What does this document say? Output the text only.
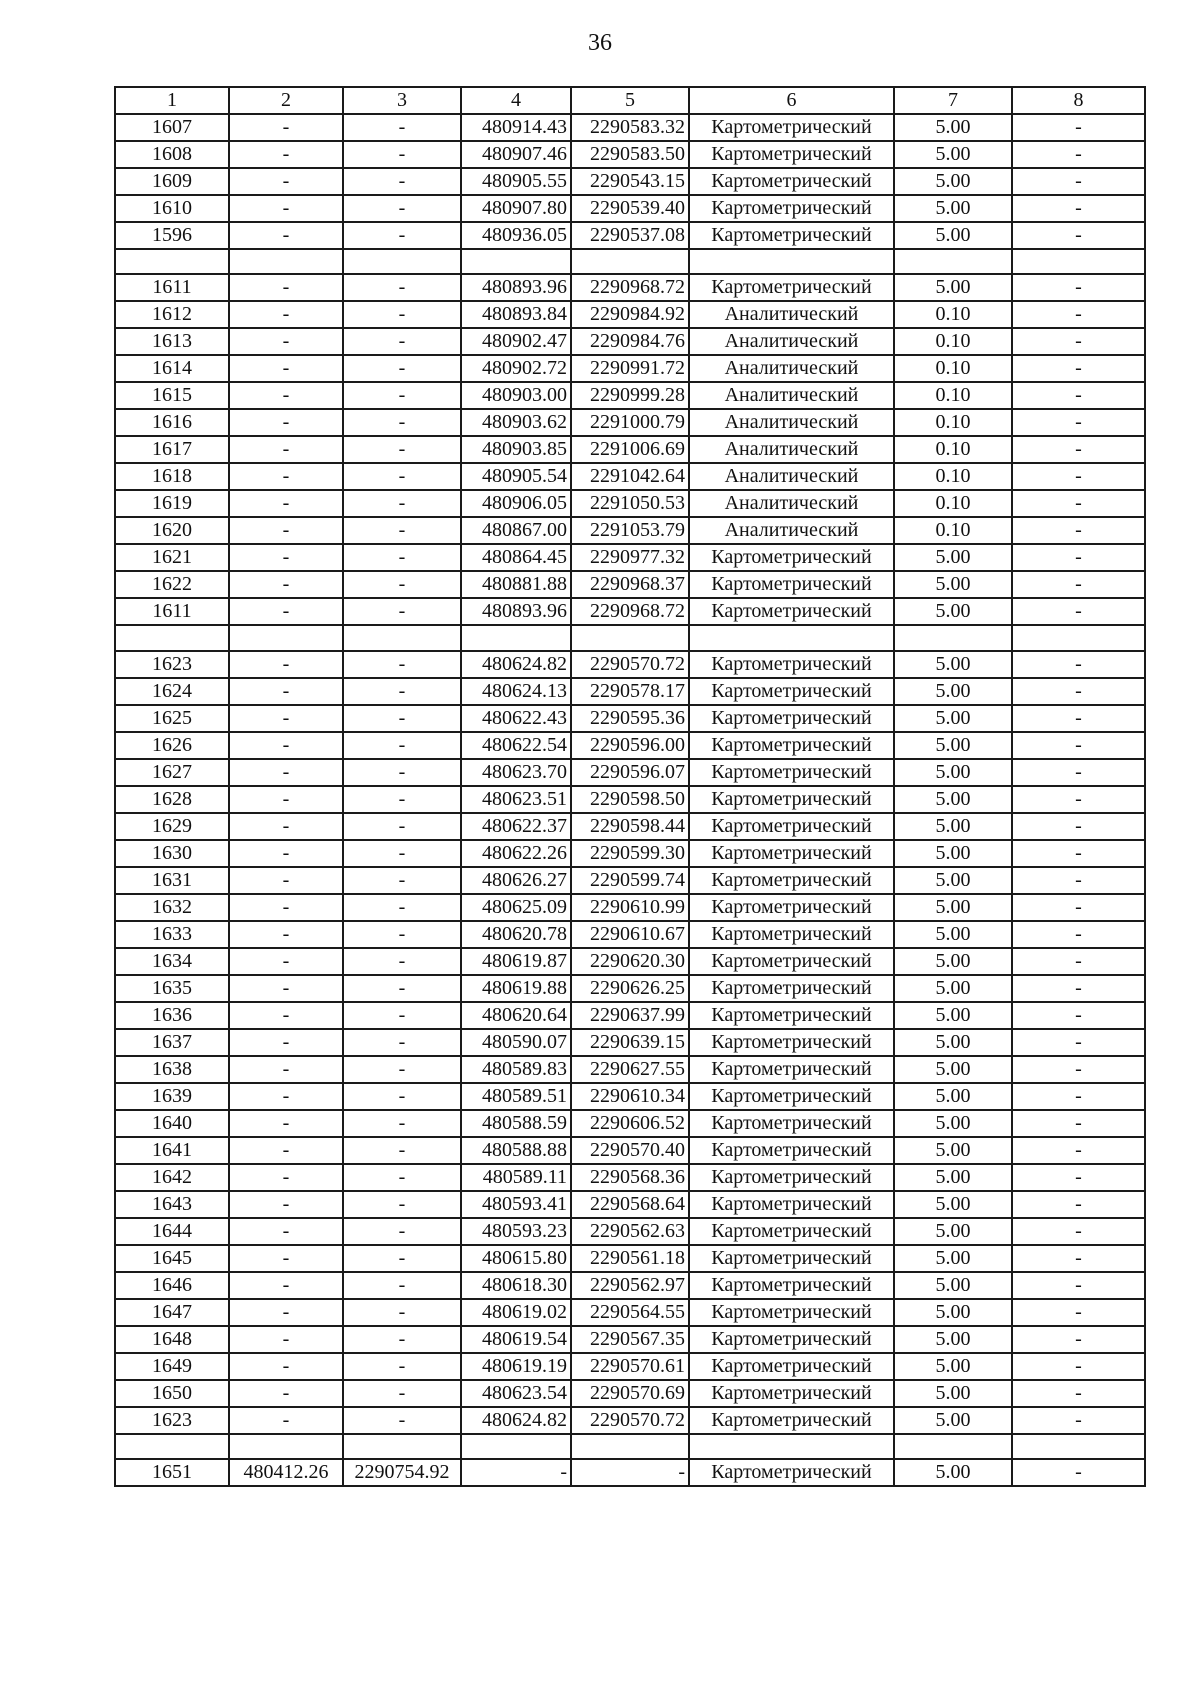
36
1	2	3	4	5	6	7	8
1607	-	-	480914.43	2290583.32	Картометрический	5.00	-
1608	-	-	480907.46	2290583.50	Картометрический	5.00	-
1609	-	-	480905.55	2290543.15	Картометрический	5.00	-
1610	-	-	480907.80	2290539.40	Картометрический	5.00	-
1596	-	-	480936.05	2290537.08	Картометрический	5.00	-

1611	-	-	480893.96	2290968.72	Картометрический	5.00	-
1612	-	-	480893.84	2290984.92	Аналитический	0.10	-
1613	-	-	480902.47	2290984.76	Аналитический	0.10	-
1614	-	-	480902.72	2290991.72	Аналитический	0.10	-
1615	-	-	480903.00	2290999.28	Аналитический	0.10	-
1616	-	-	480903.62	2291000.79	Аналитический	0.10	-
1617	-	-	480903.85	2291006.69	Аналитический	0.10	-
1618	-	-	480905.54	2291042.64	Аналитический	0.10	-
1619	-	-	480906.05	2291050.53	Аналитический	0.10	-
1620	-	-	480867.00	2291053.79	Аналитический	0.10	-
1621	-	-	480864.45	2290977.32	Картометрический	5.00	-
1622	-	-	480881.88	2290968.37	Картометрический	5.00	-
1611	-	-	480893.96	2290968.72	Картометрический	5.00	-

1623	-	-	480624.82	2290570.72	Картометрический	5.00	-
1624	-	-	480624.13	2290578.17	Картометрический	5.00	-
1625	-	-	480622.43	2290595.36	Картометрический	5.00	-
1626	-	-	480622.54	2290596.00	Картометрический	5.00	-
1627	-	-	480623.70	2290596.07	Картометрический	5.00	-
1628	-	-	480623.51	2290598.50	Картометрический	5.00	-
1629	-	-	480622.37	2290598.44	Картометрический	5.00	-
1630	-	-	480622.26	2290599.30	Картометрический	5.00	-
1631	-	-	480626.27	2290599.74	Картометрический	5.00	-
1632	-	-	480625.09	2290610.99	Картометрический	5.00	-
1633	-	-	480620.78	2290610.67	Картометрический	5.00	-
1634	-	-	480619.87	2290620.30	Картометрический	5.00	-
1635	-	-	480619.88	2290626.25	Картометрический	5.00	-
1636	-	-	480620.64	2290637.99	Картометрический	5.00	-
1637	-	-	480590.07	2290639.15	Картометрический	5.00	-
1638	-	-	480589.83	2290627.55	Картометрический	5.00	-
1639	-	-	480589.51	2290610.34	Картометрический	5.00	-
1640	-	-	480588.59	2290606.52	Картометрический	5.00	-
1641	-	-	480588.88	2290570.40	Картометрический	5.00	-
1642	-	-	480589.11	2290568.36	Картометрический	5.00	-
1643	-	-	480593.41	2290568.64	Картометрический	5.00	-
1644	-	-	480593.23	2290562.63	Картометрический	5.00	-
1645	-	-	480615.80	2290561.18	Картометрический	5.00	-
1646	-	-	480618.30	2290562.97	Картометрический	5.00	-
1647	-	-	480619.02	2290564.55	Картометрический	5.00	-
1648	-	-	480619.54	2290567.35	Картометрический	5.00	-
1649	-	-	480619.19	2290570.61	Картометрический	5.00	-
1650	-	-	480623.54	2290570.69	Картометрический	5.00	-
1623	-	-	480624.82	2290570.72	Картометрический	5.00	-

1651	480412.26	2290754.92	-	-	Картометрический	5.00	-
